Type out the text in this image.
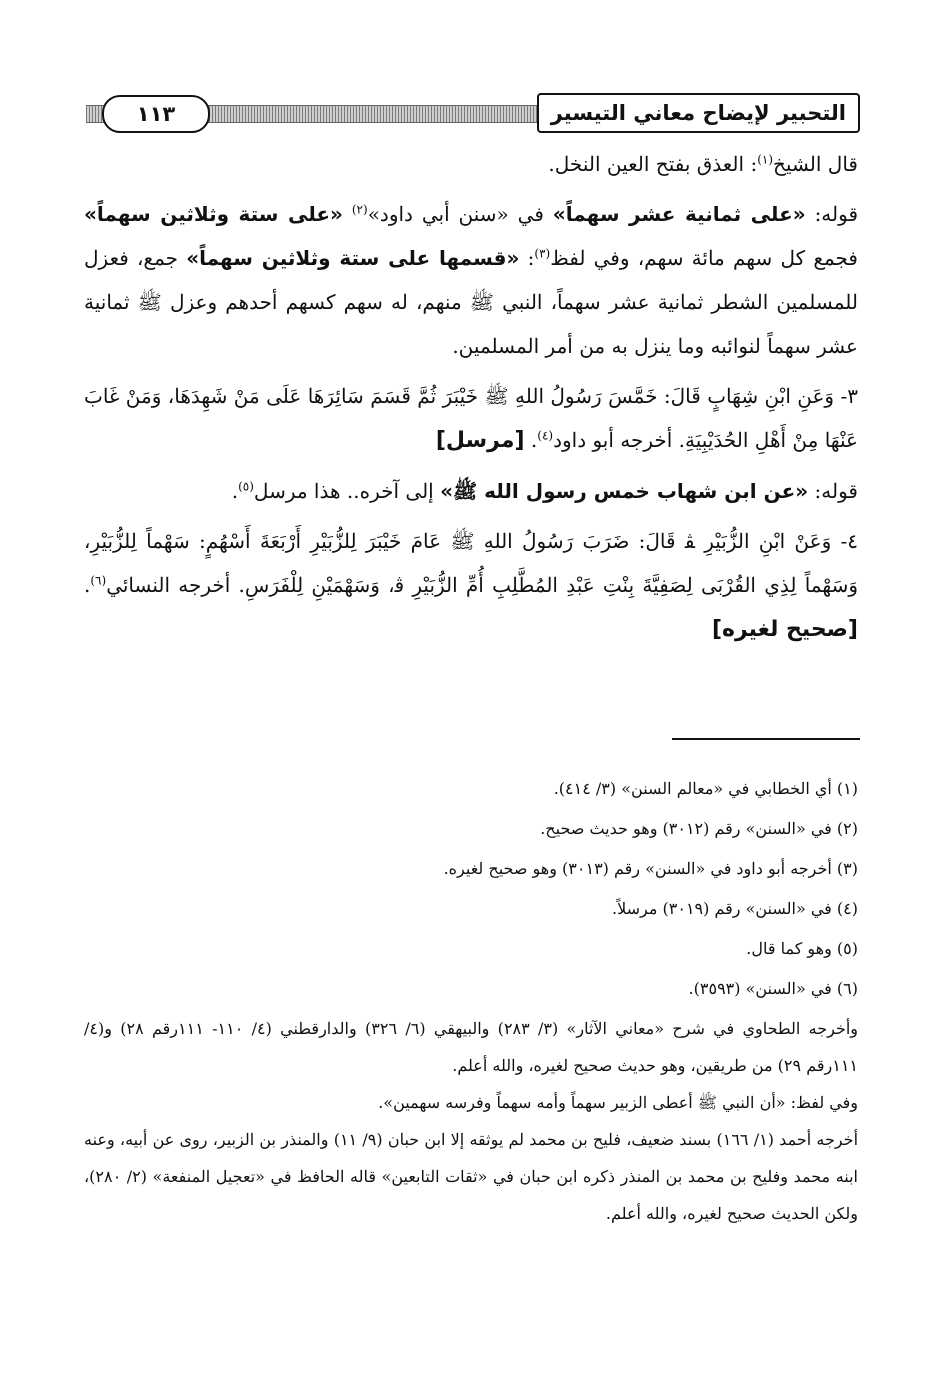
١١٣	التحبير لإيضاح معاني التيسير

قال الشيخ$^{(١)}$: العذق بفتح العين النخل.

قوله: «على ثمانية عشر سهماً» في «سنن أبي داود»$^{(٢)}$ «على ستة وثلاثين سهماً» فجمع كل سهم مائة سهم، وفي لفظ$^{(٣)}$: «قسمها على ستة وثلاثين سهماً» جمع، فعزل للمسلمين الشطر ثمانية عشر سهماً، النبي ﷺ منهم، له سهم كسهم أحدهم وعزل ﷺ ثمانية عشر سهماً لنوائبه وما ينزل به من أمر المسلمين.

٣- وَعَنِ ابْنِ شِهَابٍ قَالَ: خَمَّسَ رَسُولُ اللهِ ﷺ خَيْبَرَ ثُمَّ قَسَمَ سَائِرَهَا عَلَى مَنْ شَهِدَهَا، وَمَنْ غَابَ عَنْهَا مِنْ أَهْلِ الحُدَيْبِيَةِ. أخرجه أبو داود$^{(٤)}$. [مرسل]

قوله: «عن ابن شهاب خمس رسول الله ﷺ» إلى آخره.. هذا مرسل$^{(٥)}$.

٤- وَعَنْ ابْنِ الزُّبَيْرِ ﭭ قَالَ: ضَرَبَ رَسُولُ اللهِ ﷺ عَامَ خَيْبَرَ لِلزُّبَيْرِ أَرْبَعَةَ أَسْهُمٍ: سَهْماً لِلزُّبَيْرِ، وَسَهْماً لِذِي القُرْبَى لِصَفِيَّةَ بِنْتِ عَبْدِ المُطَّلِبِ أُمِّ الزُّبَيْرِ ﭬ، وَسَهْمَيْنِ لِلْفَرَسِ. أخرجه النسائي$^{(٦)}$. [صحيح لغيره]

(١) أي الخطابي في «معالم السنن» (٣/ ٤١٤).

(٢) في «السنن» رقم (٣٠١٢) وهو حديث صحيح.

(٣) أخرجه أبو داود في «السنن» رقم (٣٠١٣) وهو صحيح لغيره.

(٤) في «السنن» رقم (٣٠١٩) مرسلاً.

(٥) وهو كما قال.

(٦) في «السنن» (٣٥٩٣).

وأخرجه الطحاوي في شرح «معاني الآثار» (٣/ ٢٨٣) والبيهقي (٦/ ٣٢٦) والدارقطني (٤/ ١١٠- ١١١رقم ٢٨) و(٤/ ١١١رقم ٢٩) من طريقين، وهو حديث صحيح لغيره، والله أعلم.

وفي لفظ: «أن النبي ﷺ أعطى الزبير سهماً وأمه سهماً وفرسه سهمين».

أخرجه أحمد (١/ ١٦٦) بسند ضعيف، فليح بن محمد لم يوثقه إلا ابن حبان (٩/ ١١) والمنذر بن الزبير، روى عن أبيه، وعنه ابنه محمد وفليح بن محمد بن المنذر ذكره ابن حبان في «ثقات التابعين» قاله الحافظ في «تعجيل المنفعة» (٢/ ٢٨٠)، ولكن الحديث صحيح لغيره، والله أعلم.
